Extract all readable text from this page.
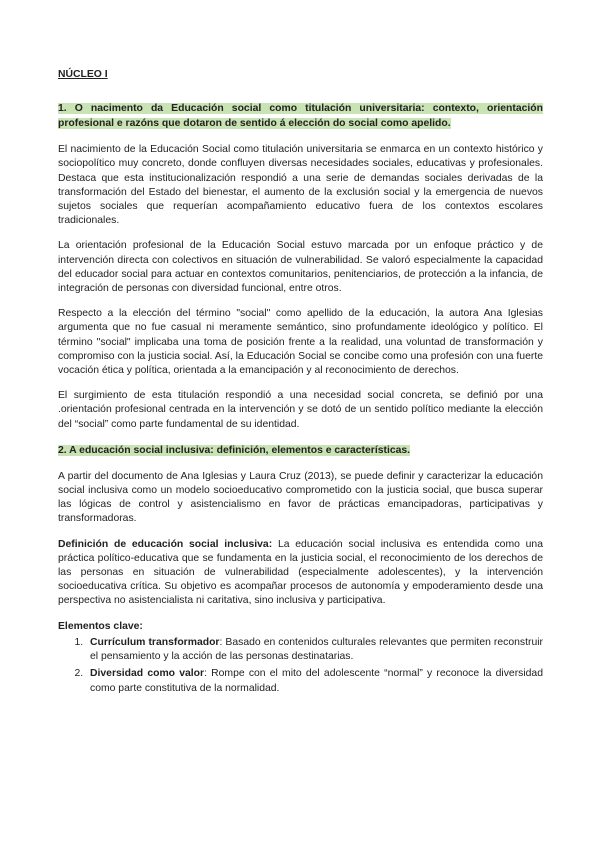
NÚCLEO I
1. O nacimento da Educación social como titulación universitaria: contexto, orientación profesional e razóns que dotaron de sentido á elección do social como apelido.

El nacimiento de la Educación Social como titulación universitaria se enmarca en un contexto histórico y sociopolítico muy concreto, donde confluyen diversas necesidades sociales, educativas y profesionales. Destaca que esta institucionalización respondió a una serie de demandas sociales derivadas de la transformación del Estado del bienestar, el aumento de la exclusión social y la emergencia de nuevos sujetos sociales que requerían acompañamiento educativo fuera de los contextos escolares tradicionales.

La orientación profesional de la Educación Social estuvo marcada por un enfoque práctico y de intervención directa con colectivos en situación de vulnerabilidad. Se valoró especialmente la capacidad del educador social para actuar en contextos comunitarios, penitenciarios, de protección a la infancia, de integración de personas con diversidad funcional, entre otros.

Respecto a la elección del término "social" como apellido de la educación, la autora Ana Iglesias argumenta que no fue casual ni meramente semántico, sino profundamente ideológico y político. El término "social" implicaba una toma de posición frente a la realidad, una voluntad de transformación y compromiso con la justicia social. Así, la Educación Social se concibe como una profesión con una fuerte vocación ética y política, orientada a la emancipación y al reconocimiento de derechos.

El surgimiento de esta titulación respondió a una necesidad social concreta, se definió por una .orientación profesional centrada en la intervención y se dotó de un sentido político mediante la elección del “social” como parte fundamental de su identidad.

2. A educación social inclusiva: definición, elementos e características.

A partir del documento de Ana Iglesias y Laura Cruz (2013), se puede definir y caracterizar la educación social inclusiva como un modelo socioeducativo comprometido con la justicia social, que busca superar las lógicas de control y asistencialismo en favor de prácticas emancipadoras, participativas y transformadoras.

Definición de educación social inclusiva: La educación social inclusiva es entendida como una práctica político-educativa que se fundamenta en la justicia social, el reconocimiento de los derechos de las personas en situación de vulnerabilidad (especialmente adolescentes), y la intervención socioeducativa crítica. Su objetivo es acompañar procesos de autonomía y empoderamiento desde una perspectiva no asistencialista ni caritativa, sino inclusiva y participativa.

Elementos clave:
1. Currículum transformador: Basado en contenidos culturales relevantes que permiten reconstruir el pensamiento y la acción de las personas destinatarias.
2. Diversidad como valor: Rompe con el mito del adolescente “normal” y reconoce la diversidad como parte constitutiva de la normalidad.
